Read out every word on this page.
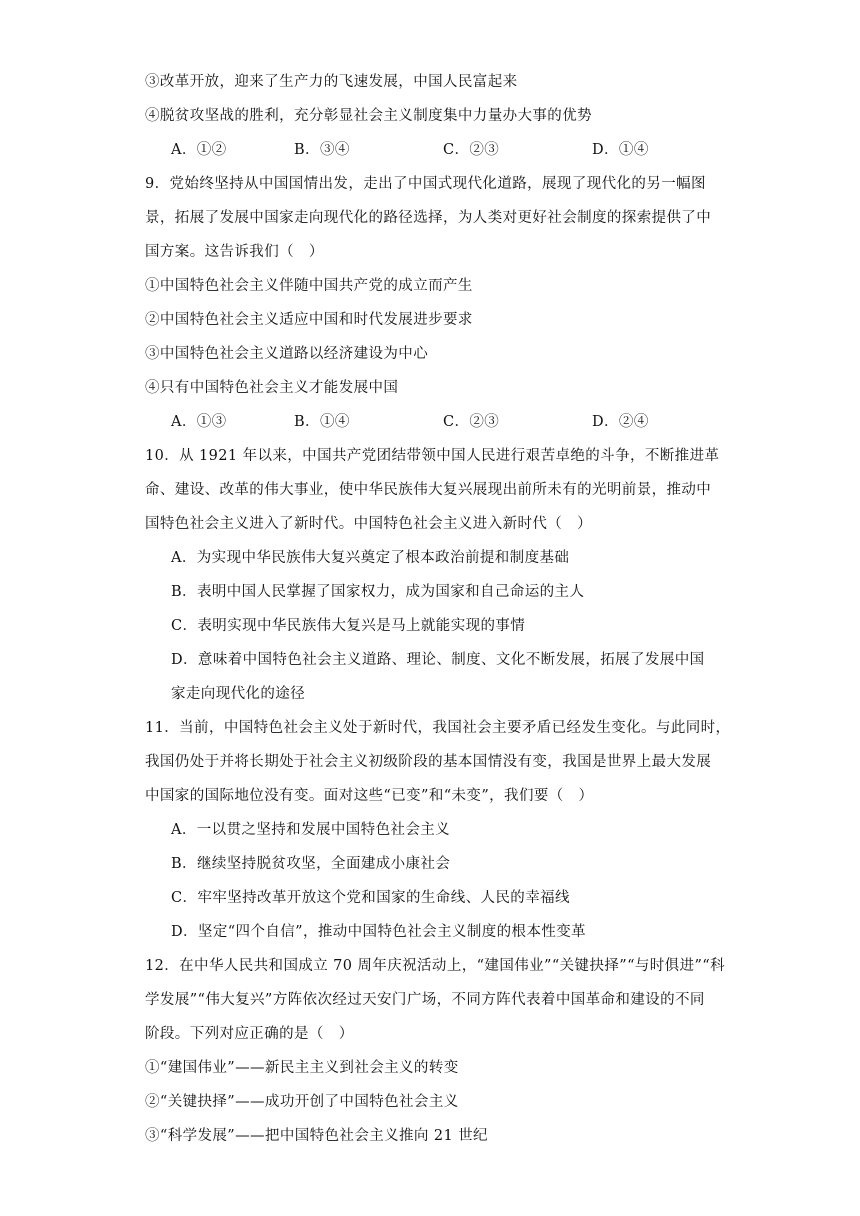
③改革开放，迎来了生产力的飞速发展，中国人民富起来
④脱贫攻坚战的胜利，充分彰显社会主义制度集中力量办大事的优势
A．①②	B．③④	C．②③	D．①④
9．党始终坚持从中国国情出发，走出了中国式现代化道路，展现了现代化的另一幅图
景，拓展了发展中国家走向现代化的路径选择，为人类对更好社会制度的探索提供了中
国方案。这告诉我们（　）
①中国特色社会主义伴随中国共产党的成立而产生
②中国特色社会主义适应中国和时代发展进步要求
③中国特色社会主义道路以经济建设为中心
④只有中国特色社会主义才能发展中国
A．①③	B．①④	C．②③	D．②④
10．从 1921 年以来，中国共产党团结带领中国人民进行艰苦卓绝的斗争，不断推进革
命、建设、改革的伟大事业，使中华民族伟大复兴展现出前所未有的光明前景，推动中
国特色社会主义进入了新时代。中国特色社会主义进入新时代（　）
A．为实现中华民族伟大复兴奠定了根本政治前提和制度基础
B．表明中国人民掌握了国家权力，成为国家和自己命运的主人
C．表明实现中华民族伟大复兴是马上就能实现的事情
D．意味着中国特色社会主义道路、理论、制度、文化不断发展，拓展了发展中国
家走向现代化的途径
11．当前，中国特色社会主义处于新时代，我国社会主要矛盾已经发生变化。与此同时，
我国仍处于并将长期处于社会主义初级阶段的基本国情没有变，我国是世界上最大发展
中国家的国际地位没有变。面对这些“已变”和“未变”，我们要（　）
A．一以贯之坚持和发展中国特色社会主义
B．继续坚持脱贫攻坚，全面建成小康社会
C．牢牢坚持改革开放这个党和国家的生命线、人民的幸福线
D．坚定“四个自信”，推动中国特色社会主义制度的根本性变革
12．在中华人民共和国成立 70 周年庆祝活动上，“建国伟业”“关键抉择”“与时俱进”“科
学发展”“伟大复兴”方阵依次经过天安门广场，不同方阵代表着中国革命和建设的不同
阶段。下列对应正确的是（　）
①“建国伟业”——新民主主义到社会主义的转变
②“关键抉择”——成功开创了中国特色社会主义
③“科学发展”——把中国特色社会主义推向 21 世纪
